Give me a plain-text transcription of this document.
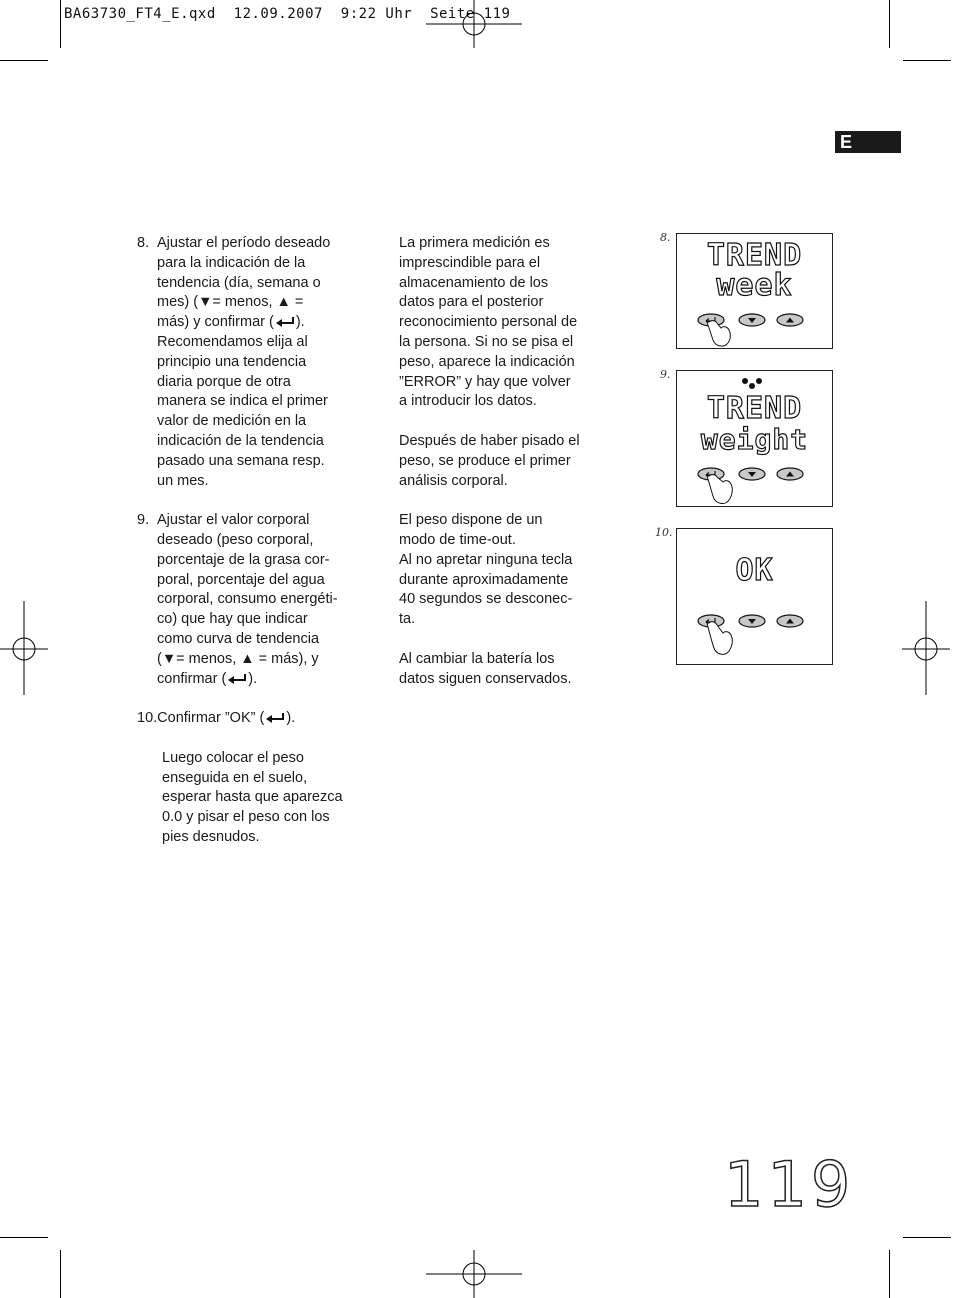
BA63730_FT4_E.qxd  12.09.2007  9:22 Uhr  Seite 119
E
8. Ajustar el período deseado
para la indicación de la
tendencia (día, semana o
mes) (▼= menos, ▲ =
más) y confirmar ( ).
Recomendamos elija al
principio una tendencia
diaria porque de otra
manera se indica el primer
valor de medición en la
indicación de la tendencia
pasado una semana resp.
un mes.
9. Ajustar el valor corporal
deseado (peso corporal,
porcentaje de la grasa cor-
poral, porcentaje del agua
corporal, consumo energéti-
co) que hay que indicar
como curva de tendencia
(▼= menos, ▲ = más), y
confirmar ( ).
10.Confirmar ”OK” ( ).
Luego colocar el peso
enseguida en el suelo,
esperar hasta que aparezca
0.0 y pisar el peso con los
pies desnudos.
La primera medición es
imprescindible para el
almacenamiento de los
datos para el posterior
reconocimiento personal de
la persona. Si no se pisa el
peso, aparece la indicación
”ERROR” y hay que volver
a introducir los datos.
Después de haber pisado el
peso, se produce el primer
análisis corporal.
El peso dispone de un
modo de time-out.
Al no apretar ninguna tecla
durante aproximadamente
40 segundos se desconec-
ta.
Al cambiar la batería los
datos siguen conservados.
8.
TREND
week
9.
TREND
weight
10.
OK
119
